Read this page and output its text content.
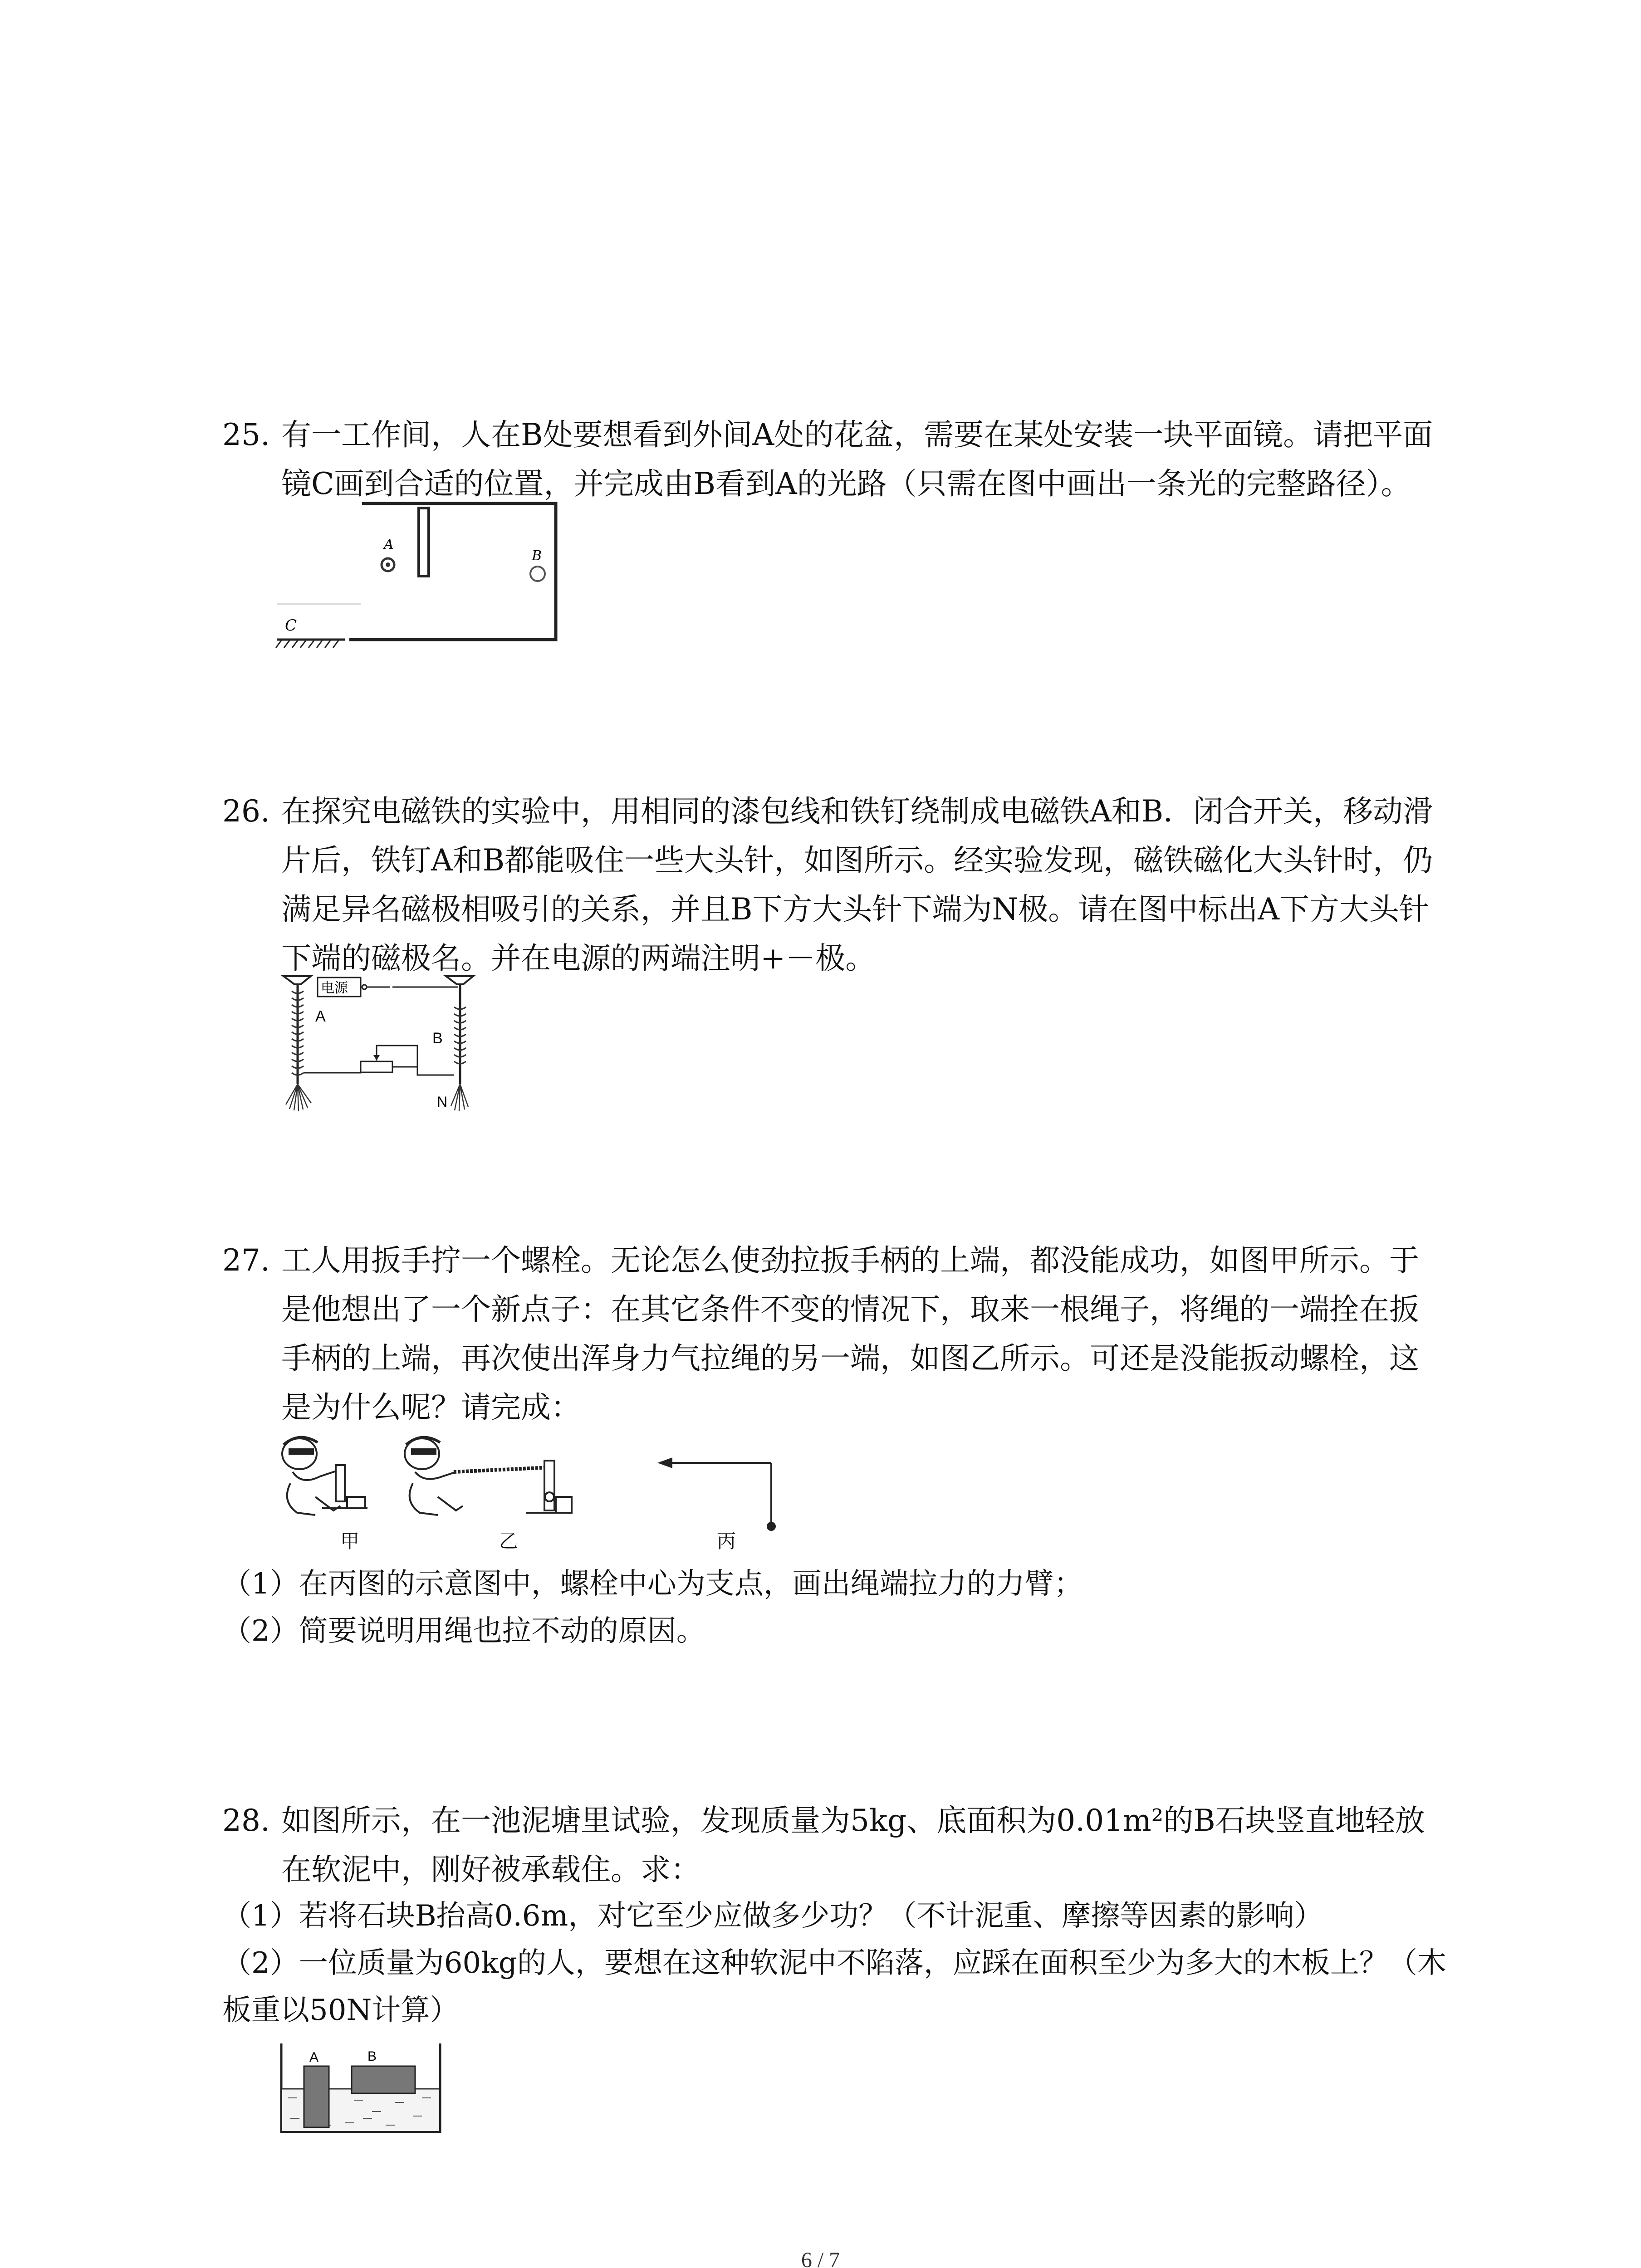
25. 有一工作间，人在B处要想看到外间A处的花盆，需要在某处安装一块平面镜。请把平面镜C画到合适的位置，并完成由B看到A的光路（只需在图中画出一条光的完整路径）。

A
B
C
26. 在探究电磁铁的实验中，用相同的漆包线和铁钉绕制成电磁铁A和B．闭合开关，移动滑片后，铁钉A和B都能吸住一些大头针，如图所示。经实验发现，磁铁磁化大头针时，仍满足异名磁极相吸引的关系，并且B下方大头针下端为N极。请在图中标出A下方大头针下端的磁极名。并在电源的两端注明+－极。

A
电源
B
N
27. 工人用扳手拧一个螺栓。无论怎么使劲拉扳手柄的上端，都没能成功，如图甲所示。于是他想出了一个新点子：在其它条件不变的情况下，取来一根绳子，将绳的一端拴在扳手柄的上端，再次使出浑身力气拉绳的另一端，如图乙所示。可还是没能扳动螺栓，这是为什么呢？请完成：

甲	乙	丙

（1）在丙图的示意图中，螺栓中心为支点，画出绳端拉力的力臂；

（2）简要说明用绳也拉不动的原因。

28. 如图所示，在一池泥塘里试验，发现质量为5kg、底面积为0.01m²的B石块竖直地轻放在软泥中，刚好被承载住。求：

（1）若将石块B抬高0.6m，对它至少应做多少功？（不计泥重、摩擦等因素的影响）

（2）一位质量为60kg的人，要想在这种软泥中不陷落，应踩在面积至少为多大的木板上？（木板重以50N计算）

A	B
6 / 7
